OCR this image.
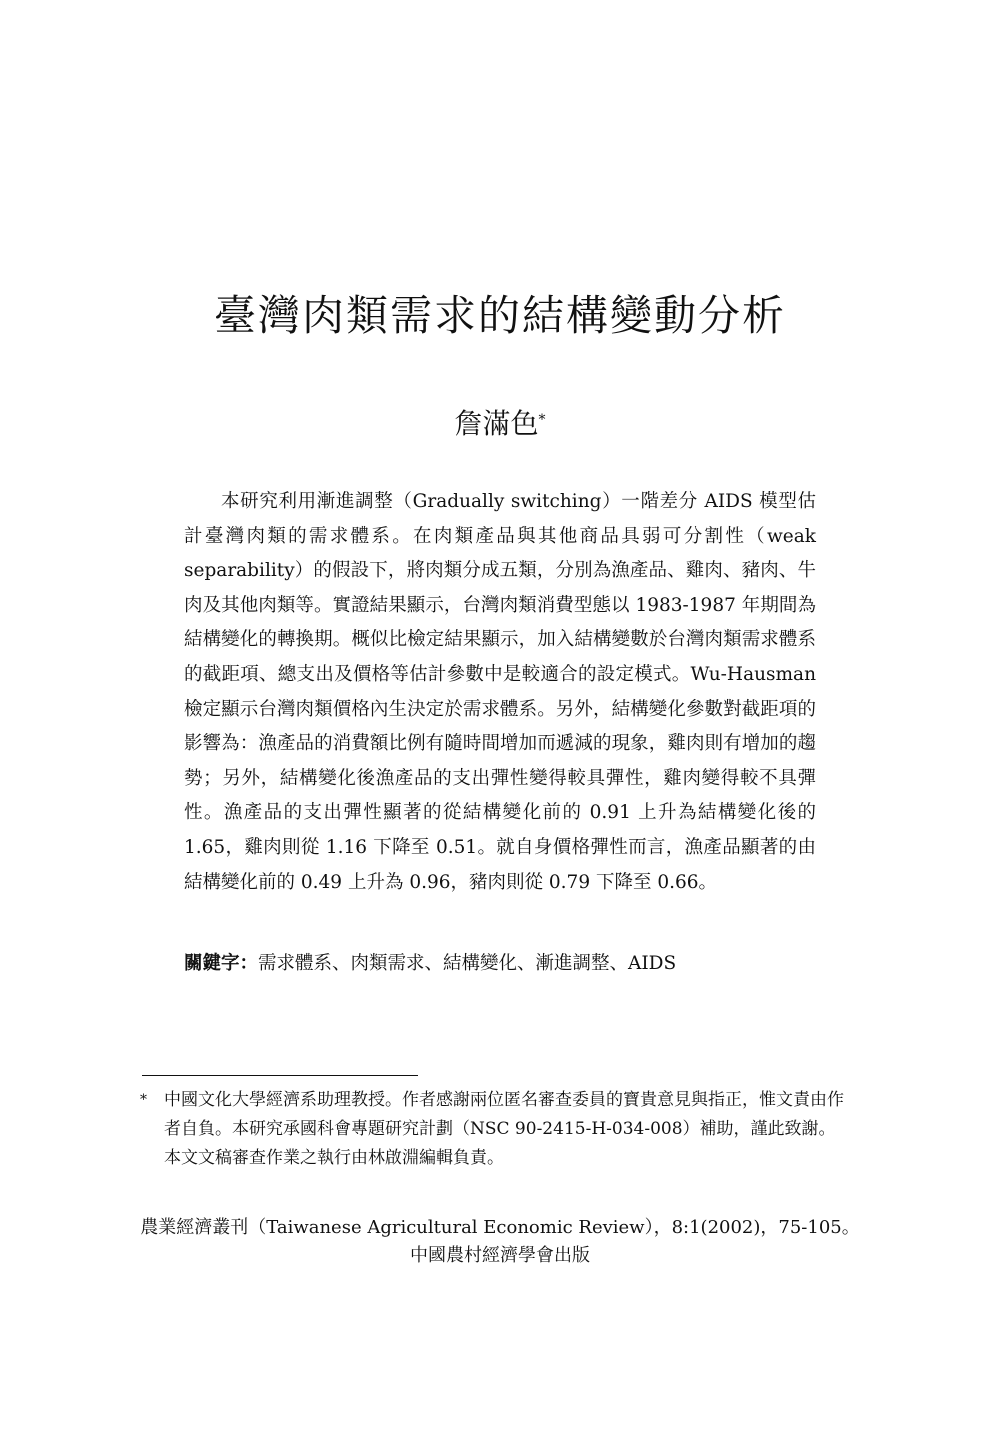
臺灣肉類需求的結構變動分析
詹滿色*

本研究利用漸進調整（Gradually switching）一階差分 AIDS 模型估計臺灣肉類的需求體系。在肉類產品與其他商品具弱可分割性（weak separability）的假設下，將肉類分成五類，分別為漁產品、雞肉、豬肉、牛肉及其他肉類等。實證結果顯示，台灣肉類消費型態以 1983-1987 年期間為結構變化的轉換期。概似比檢定結果顯示，加入結構變數於台灣肉類需求體系的截距項、總支出及價格等估計參數中是較適合的設定模式。Wu-Hausman 檢定顯示台灣肉類價格內生決定於需求體系。另外，結構變化參數對截距項的影響為：漁產品的消費額比例有隨時間增加而遞減的現象，雞肉則有增加的趨勢；另外，結構變化後漁產品的支出彈性變得較具彈性，雞肉變得較不具彈性。漁產品的支出彈性顯著的從結構變化前的 0.91 上升為結構變化後的 1.65，雞肉則從 1.16 下降至 0.51。就自身價格彈性而言，漁產品顯著的由結構變化前的 0.49 上升為 0.96，豬肉則從 0.79 下降至 0.66。

關鍵字：需求體系、肉類需求、結構變化、漸進調整、AIDS
* 中國文化大學經濟系助理教授。作者感謝兩位匿名審查委員的寶貴意見與指正，惟文責由作者自負。本研究承國科會專題研究計劃（NSC 90-2415-H-034-008）補助，謹此致謝。

本文文稿審查作業之執行由林啟淵編輯負責。

農業經濟叢刊（Taiwanese Agricultural Economic Review），8:1(2002)，75-105。
中國農村經濟學會出版
